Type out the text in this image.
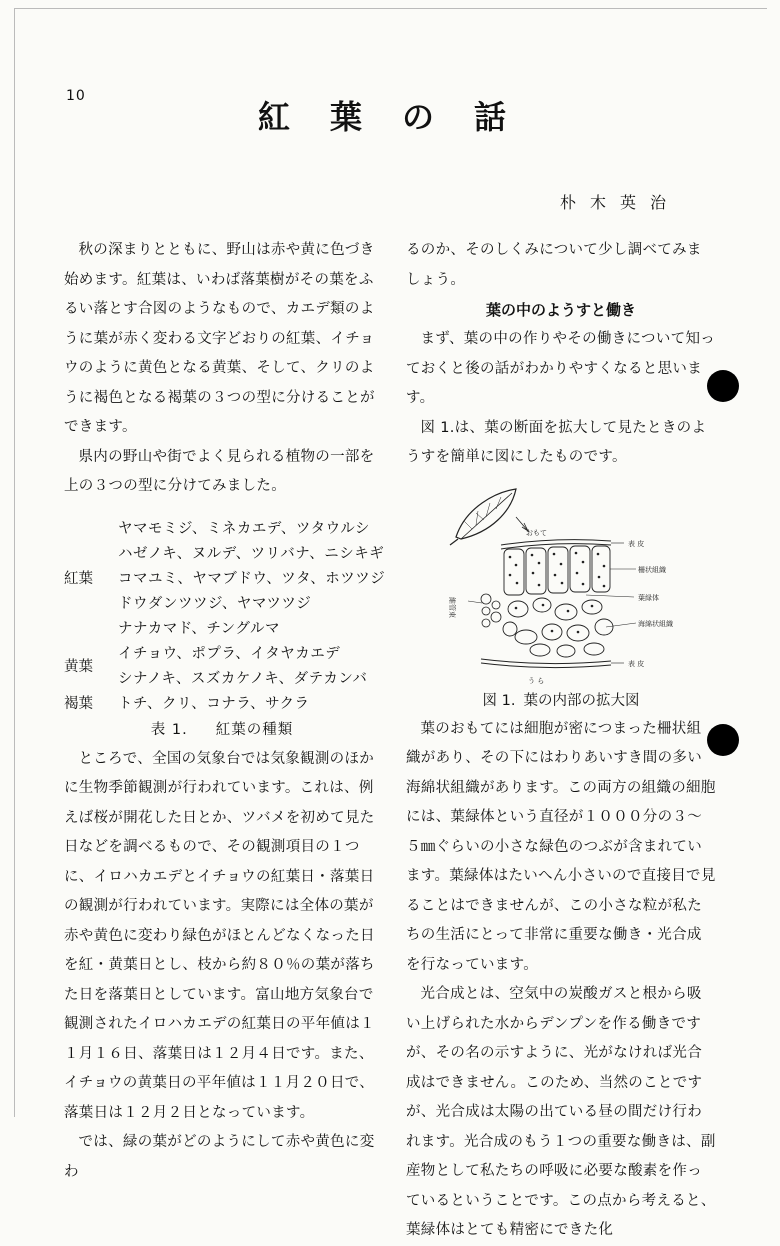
10
紅葉の話
朴木英治

秋の深まりとともに、野山は赤や黄に色づき始めます。紅葉は、いわば落葉樹がその葉をふるい落とす合図のようなもので、カエデ類のように葉が赤く変わる文字どおりの紅葉、イチョウのように黄色となる黄葉、そして、クリのように褐色となる褐葉の３つの型に分けることができます。

県内の野山や街でよく見られる植物の一部を上の３つの型に分けてみました。

ヤマモミジ、ミネカエデ、ツタウルシ
ハゼノキ、ヌルデ、ツリバナ、ニシキギ
紅葉	コマユミ、ヤマブドウ、ツタ、ホツツジ
ドウダンツツジ、ヤマツツジ
ナナカマド、チングルマ
黄葉
イチョウ、ポプラ、イタヤカエデ
シナノキ、スズカケノキ、ダテカンバ
褐葉	トチ、クリ、コナラ、サクラ

表 1. 紅葉の種類

ところで、全国の気象台では気象観測のほかに生物季節観測が行われています。これは、例えば桜が開花した日とか、ツバメを初めて見た日などを調べるもので、その観測項目の１つに、イロハカエデとイチョウの紅葉日・落葉日の観測が行われています。実際には全体の葉が赤や黄色に変わり緑色がほとんどなくなった日を紅・黄葉日とし、枝から約８０％の葉が落ちた日を落葉日としています。富山地方気象台で観測されたイロハカエデの紅葉日の平年値は１１月１６日、落葉日は１２月４日です。また、イチョウの黄葉日の平年値は１１月２０日で、落葉日は１２月２日となっています。

では、緑の葉がどのようにして赤や黄色に変わ

るのか、そのしくみについて少し調べてみましょう。

葉の中のようすと働き

まず、葉の中の作りやその働きについて知っておくと後の話がわかりやすくなると思います。

図 1.は、葉の断面を拡大して見たときのようすを簡単に図にしたものです。

おもて
表 皮
柵状組織
葉緑体
海綿状組織
表 皮
う ら
維管束

図 1. 葉の内部の拡大図

葉のおもてには細胞が密につまった柵状組織があり、その下にはわりあいすき間の多い海綿状組織があります。この両方の組織の細胞には、葉緑体という直径が１０００分の３～５㎜ぐらいの小さな緑色のつぶが含まれています。葉緑体はたいへん小さいので直接目で見ることはできませんが、この小さな粒が私たちの生活にとって非常に重要な働き・光合成を行なっています。

光合成とは、空気中の炭酸ガスと根から吸い上げられた水からデンプンを作る働きですが、その名の示すように、光がなければ光合成はできません。このため、当然のことですが、光合成は太陽の出ている昼の間だけ行われます。光合成のもう１つの重要な働きは、副産物として私たちの呼吸に必要な酸素を作っているということです。この点から考えると、葉緑体はとても精密にできた化
